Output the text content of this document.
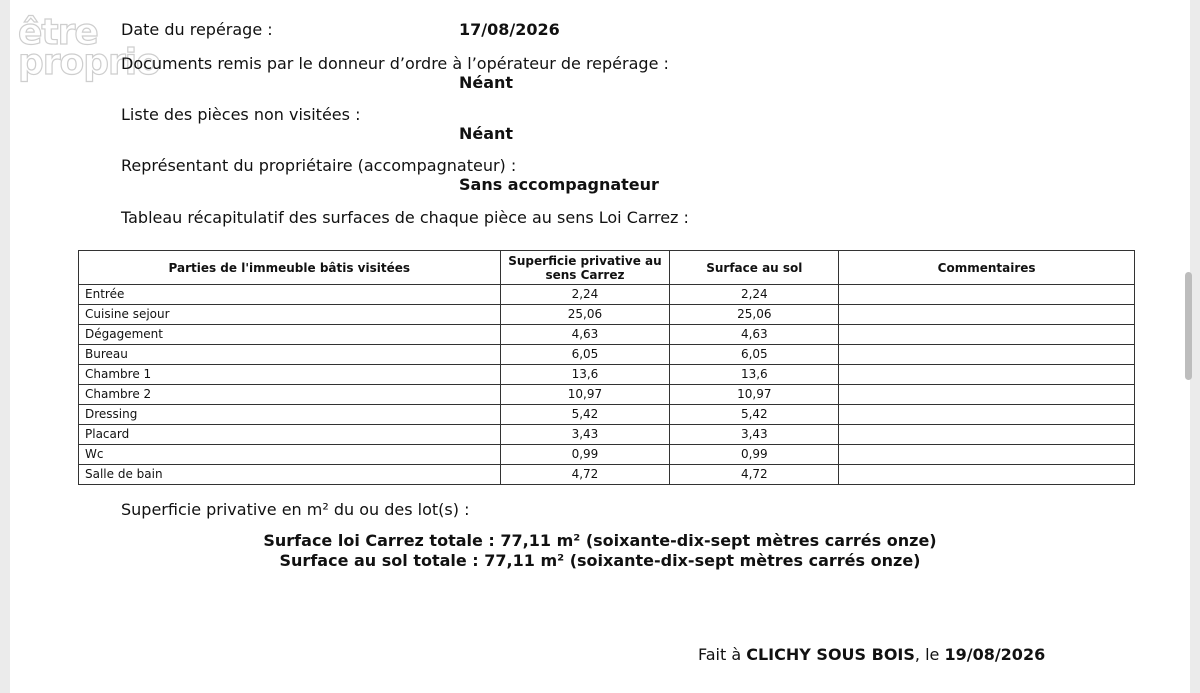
être
proprio
Date du repérage :	17/08/2026
Documents remis par le donneur d’ordre à l’opérateur de repérage :
Néant
Liste des pièces non visitées :
Néant
Représentant du propriétaire (accompagnateur) :
Sans accompagnateur
Tableau récapitulatif des surfaces de chaque pièce au sens Loi Carrez :
Parties de l'immeuble bâtis visitées	Superficie privative au sens Carrez	Surface au sol	Commentaires
Entrée	2,24	2,24	
Cuisine sejour	25,06	25,06	
Dégagement	4,63	4,63	
Bureau	6,05	6,05	
Chambre 1	13,6	13,6	
Chambre 2	10,97	10,97	
Dressing	5,42	5,42	
Placard	3,43	3,43	
Wc	0,99	0,99	
Salle de bain	4,72	4,72	
Superficie privative en m² du ou des lot(s) :
Surface loi Carrez totale : 77,11 m² (soixante-dix-sept mètres carrés onze)
Surface au sol totale : 77,11 m² (soixante-dix-sept mètres carrés onze)
Fait à CLICHY SOUS BOIS, le 19/08/2026
